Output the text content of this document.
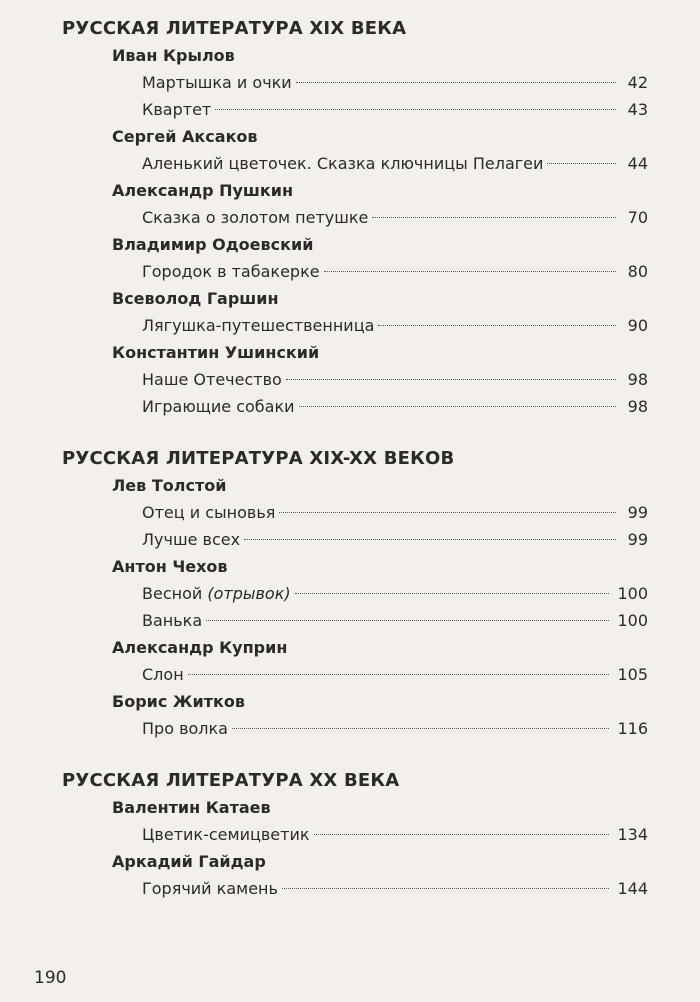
РУССКАЯ ЛИТЕРАТУРА XIX ВЕКА
Иван Крылов
Мартышка и очки	42
Квартет	43
Сергей Аксаков
Аленький цветочек. Сказка ключницы Пелагеи	44
Александр Пушкин
Сказка о золотом петушке	70
Владимир Одоевский
Городок в табакерке	80
Всеволод Гаршин
Лягушка-путешественница	90
Константин Ушинский
Наше Отечество	98
Играющие собаки	98
РУССКАЯ ЛИТЕРАТУРА XIX-XX ВЕКОВ
Лев Толстой
Отец и сыновья	99
Лучше всех	99
Антон Чехов
Весной (отрывок)	100
Ванька	100
Александр Куприн
Слон	105
Борис Житков
Про волка	116
РУССКАЯ ЛИТЕРАТУРА XX ВЕКА
Валентин Катаев
Цветик-семицветик	134
Аркадий Гайдар
Горячий камень	144
190
